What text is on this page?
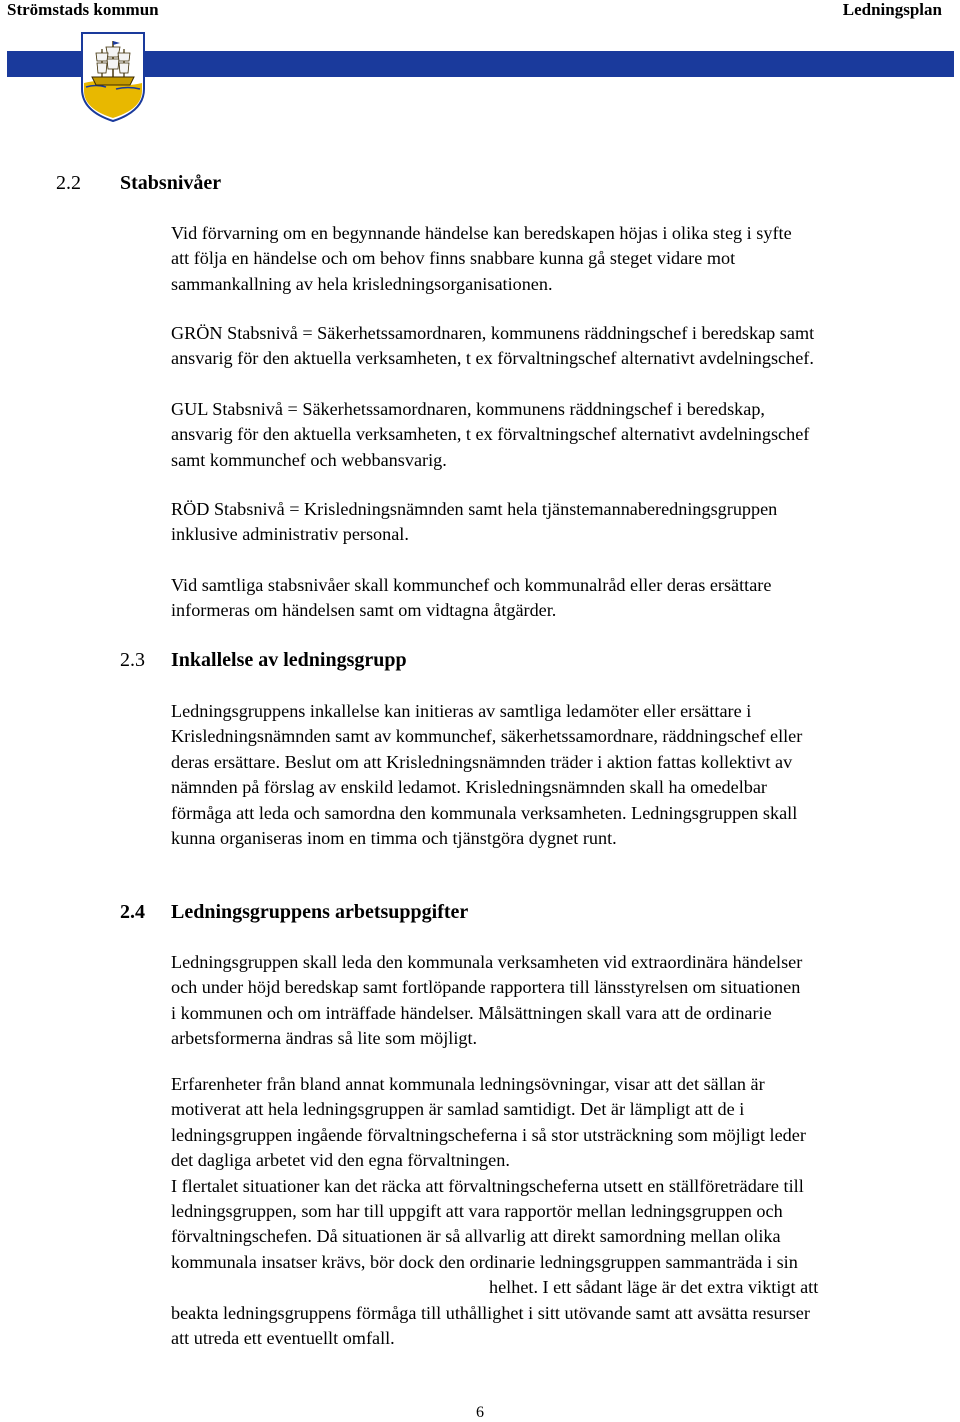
Strömstads kommun	Ledningsplan
2.2 Stabsnivåer
Vid förvarning om en begynnande händelse kan beredskapen höjas i olika steg i syfte
att följa en händelse och om behov finns snabbare kunna gå steget vidare mot
sammankallning av hela krisledningsorganisationen.
GRÖN Stabsnivå = Säkerhetssamordnaren, kommunens räddningschef i beredskap samt
ansvarig för den aktuella verksamheten, t ex förvaltningschef alternativt avdelningschef.
GUL Stabsnivå = Säkerhetssamordnaren, kommunens räddningschef i beredskap,
ansvarig för den aktuella verksamheten, t ex förvaltningschef alternativt avdelningschef
samt kommunchef och webbansvarig.
RÖD Stabsnivå = Krisledningsnämnden samt hela tjänstemannaberedningsgruppen
inklusive administrativ personal.
Vid samtliga stabsnivåer skall kommunchef och kommunalråd eller deras ersättare
informeras om händelsen samt om vidtagna åtgärder.
2.3 Inkallelse av ledningsgrupp
Ledningsgruppens inkallelse kan initieras av samtliga ledamöter eller ersättare i
Krisledningsnämnden samt av kommunchef, säkerhetssamordnare, räddningschef eller
deras ersättare. Beslut om att Krisledningsnämnden träder i aktion fattas kollektivt av
nämnden på förslag av enskild ledamot. Krisledningsnämnden skall ha omedelbar
förmåga att leda och samordna den kommunala verksamheten. Ledningsgruppen skall
kunna organiseras inom en timma och tjänstgöra dygnet runt.
2.4 Ledningsgruppens arbetsuppgifter
Ledningsgruppen skall leda den kommunala verksamheten vid extraordinära händelser
och under höjd beredskap samt fortlöpande rapportera till länsstyrelsen om situationen
i kommunen och om inträffade händelser. Målsättningen skall vara att de ordinarie
arbetsformerna ändras så lite som möjligt.
Erfarenheter från bland annat kommunala ledningsövningar, visar att det sällan är
motiverat att hela ledningsgruppen är samlad samtidigt. Det är lämpligt att de i
ledningsgruppen ingående förvaltningscheferna i så stor utsträckning som möjligt leder
det dagliga arbetet vid den egna förvaltningen.
I flertalet situationer kan det räcka att förvaltningscheferna utsett en ställföreträdare till
ledningsgruppen, som har till uppgift att vara rapportör mellan ledningsgruppen och
förvaltningschefen. Då situationen är så allvarlig att direkt samordning mellan olika
kommunala insatser krävs, bör dock den ordinarie ledningsgruppen sammanträda i sin
helhet. I ett sådant läge är det extra viktigt att
beakta ledningsgruppens förmåga till uthållighet i sitt utövande samt att avsätta resurser
att utreda ett eventuellt omfall.
6
